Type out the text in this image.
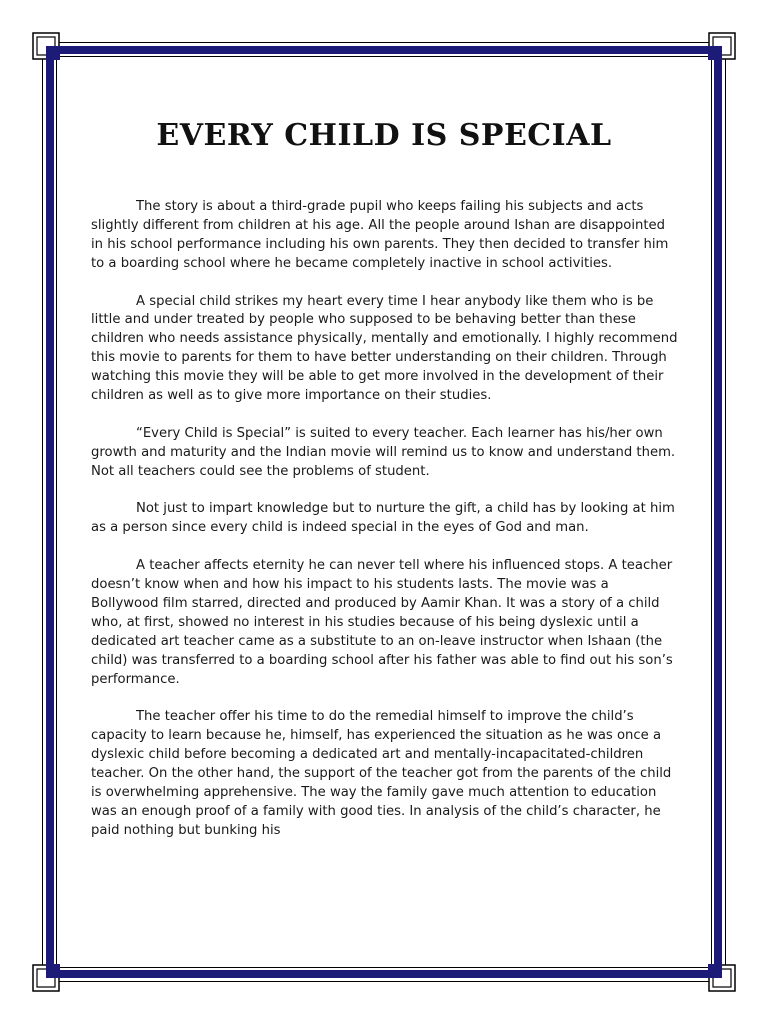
EVERY CHILD IS SPECIAL

The story is about a third-grade pupil who keeps failing his subjects and acts slightly different from children at his age. All the people around Ishan are disappointed in his school performance including his own parents. They then decided to transfer him to a boarding school where he became completely inactive in school activities.

A special child strikes my heart every time I hear anybody like them who is be little and under treated by people who supposed to be behaving better than these children who needs assistance physically, mentally and emotionally. I highly recommend this movie to parents for them to have better understanding on their children. Through watching this movie they will be able to get more involved in the development of their children as well as to give more importance on their studies.

“Every Child is Special” is suited to every teacher. Each learner has his/her own growth and maturity and the Indian movie will remind us to know and understand them. Not all teachers could see the problems of student.

Not just to impart knowledge but to nurture the gift, a child has by looking at him as a person since every child is indeed special in the eyes of God and man.

A teacher affects eternity he can never tell where his influenced stops. A teacher doesn’t know when and how his impact to his students lasts. The movie was a Bollywood film starred, directed and produced by Aamir Khan. It was a story of a child who, at first, showed no interest in his studies because of his being dyslexic until a dedicated art teacher came as a substitute to an on-leave instructor when Ishaan (the child) was transferred to a boarding school after his father was able to find out his son’s performance.

The teacher offer his time to do the remedial himself to improve the child’s capacity to learn because he, himself, has experienced the situation as he was once a dyslexic child before becoming a dedicated art and mentally-incapacitated-children teacher. On the other hand, the support of the teacher got from the parents of the child is overwhelming apprehensive. The way the family gave much attention to education was an enough proof of a family with good ties. In analysis of the child’s character, he paid nothing but bunking his
